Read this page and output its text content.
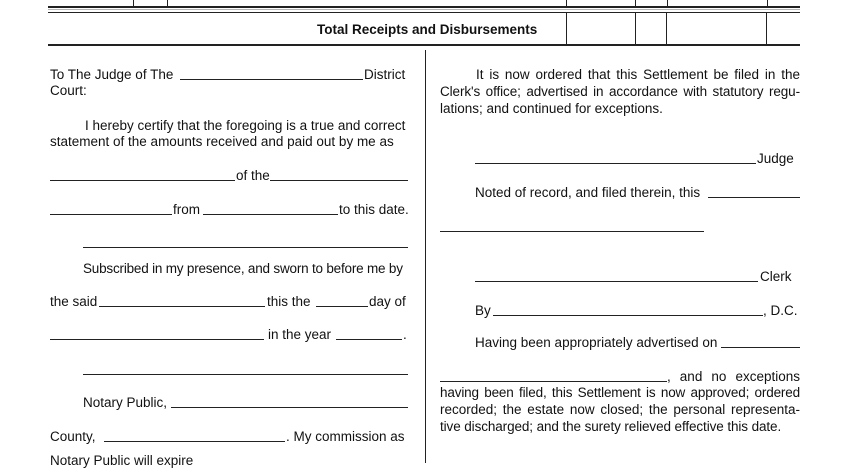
Total Receipts and Disbursements
To The Judge of The	District
Court:
I hereby certify that the foregoing is a true and correct
statement of the amounts received and paid out by me as
of the
from	to this date.
Subscribed in my presence, and sworn to before me by
the said	this the	day of
in the year	.
Notary Public,
County,	. My commission as
Notary Public will expire
It is now ordered that this Settlement be filed in the
Clerk's office; advertised in accordance with statutory regu-
lations; and continued for exceptions.
Judge
Noted of record, and filed therein, this
Clerk
By	, D.C.
Having been appropriately advertised on
, and no exceptions
having been filed, this Settlement is now approved; ordered
recorded; the estate now closed; the personal representa-
tive discharged; and the surety relieved effective this date.
